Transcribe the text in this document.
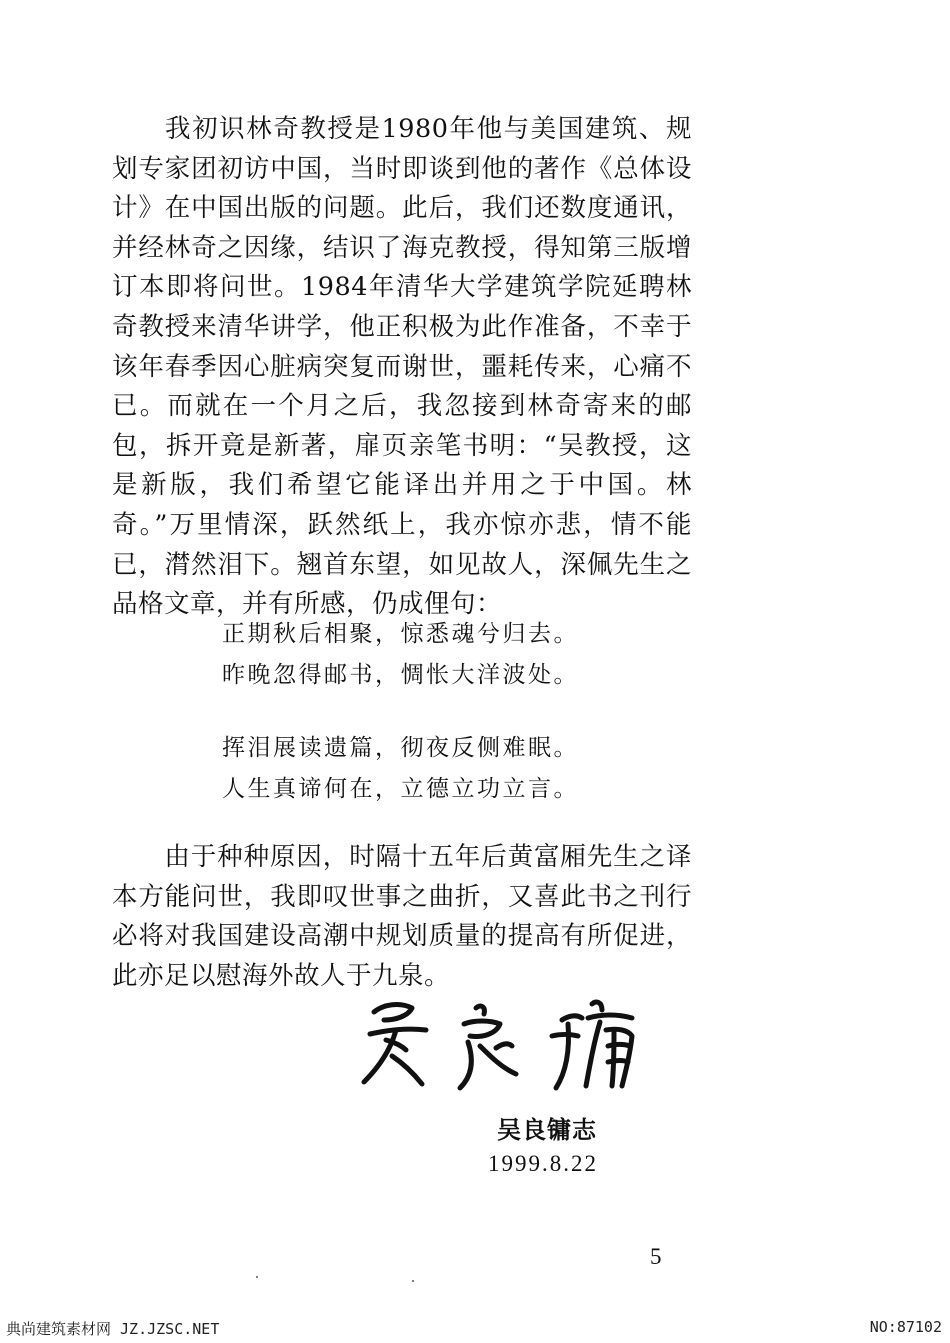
我初识林奇教授是1980年他与美国建筑、规划专家团初访中国，当时即谈到他的著作《总体设计》在中国出版的问题。此后，我们还数度通讯，并经林奇之因缘，结识了海克教授，得知第三版增订本即将问世。1984年清华大学建筑学院延聘林奇教授来清华讲学，他正积极为此作准备，不幸于该年春季因心脏病突复而谢世，噩耗传来，心痛不已。而就在一个月之后，我忽接到林奇寄来的邮包，拆开竟是新著，扉页亲笔书明：“吴教授，这是新版，我们希望它能译出并用之于中国。林奇。”万里情深，跃然纸上，我亦惊亦悲，情不能已，潸然泪下。翘首东望，如见故人，深佩先生之品格文章，并有所感，仍成俚句：

正期秋后相聚，惊悉魂兮归去。
昨晚忽得邮书，惆怅大洋波处。
挥泪展读遗篇，彻夜反侧难眠。
人生真谛何在，立德立功立言。

由于种种原因，时隔十五年后黄富厢先生之译本方能问世，我即叹世事之曲折，又喜此书之刊行必将对我国建设高潮中规划质量的提高有所促进，此亦足以慰海外故人于九泉。

吴良镛志

1999.8.22

5

典尚建筑素材网 JZ.JZSC.NET	NO:87102
